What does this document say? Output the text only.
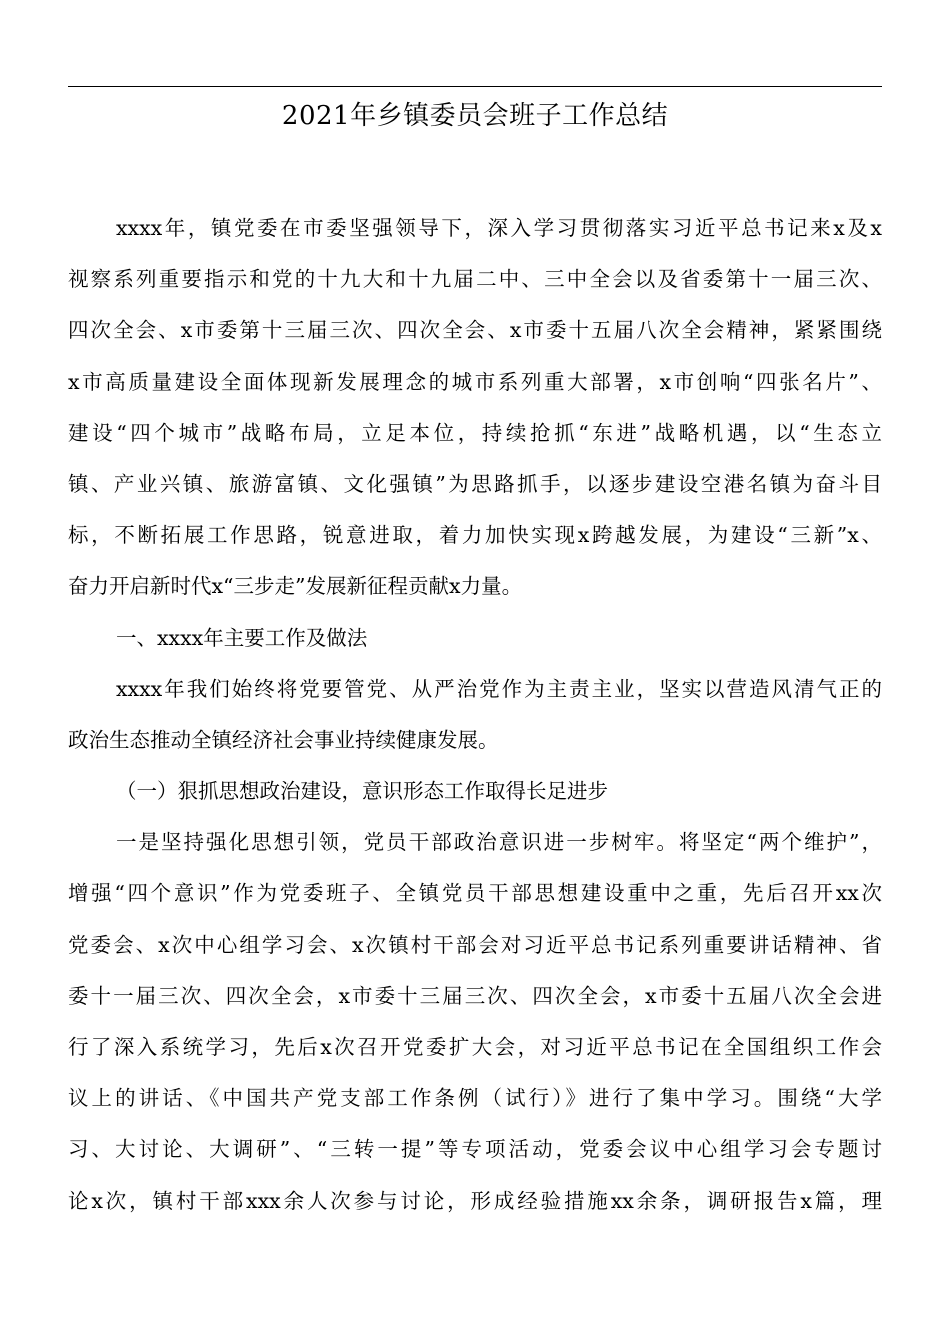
2021年乡镇委员会班子工作总结
xxxx年，镇党委在市委坚强领导下，深入学习贯彻落实习近平总书记来x及x
视察系列重要指示和党的十九大和十九届二中、三中全会以及省委第十一届三次、
四次全会、x市委第十三届三次、四次全会、x市委十五届八次全会精神，紧紧围绕
x市高质量建设全面体现新发展理念的城市系列重大部署，x市创响“四张名片”、
建设“四个城市”战略布局，立足本位，持续抢抓“东进”战略机遇，以“生态立
镇、产业兴镇、旅游富镇、文化强镇”为思路抓手，以逐步建设空港名镇为奋斗目
标，不断拓展工作思路，锐意进取，着力加快实现x跨越发展，为建设“三新”x、
奋力开启新时代x“三步走”发展新征程贡献x力量。
一、xxxx年主要工作及做法
xxxx年我们始终将党要管党、从严治党作为主责主业，坚实以营造风清气正的
政治生态推动全镇经济社会事业持续健康发展。
（一）狠抓思想政治建设，意识形态工作取得长足进步
一是坚持强化思想引领，党员干部政治意识进一步树牢。将坚定“两个维护”，
增强“四个意识”作为党委班子、全镇党员干部思想建设重中之重，先后召开xx次
党委会、x次中心组学习会、x次镇村干部会对习近平总书记系列重要讲话精神、省
委十一届三次、四次全会，x市委十三届三次、四次全会，x市委十五届八次全会进
行了深入系统学习，先后x次召开党委扩大会，对习近平总书记在全国组织工作会
议上的讲话、《中国共产党支部工作条例（试行）》进行了集中学习。围绕“大学
习、大讨论、大调研”、“三转一提”等专项活动，党委会议中心组学习会专题讨
论x次，镇村干部xxx余人次参与讨论，形成经验措施xx余条，调研报告x篇，理
